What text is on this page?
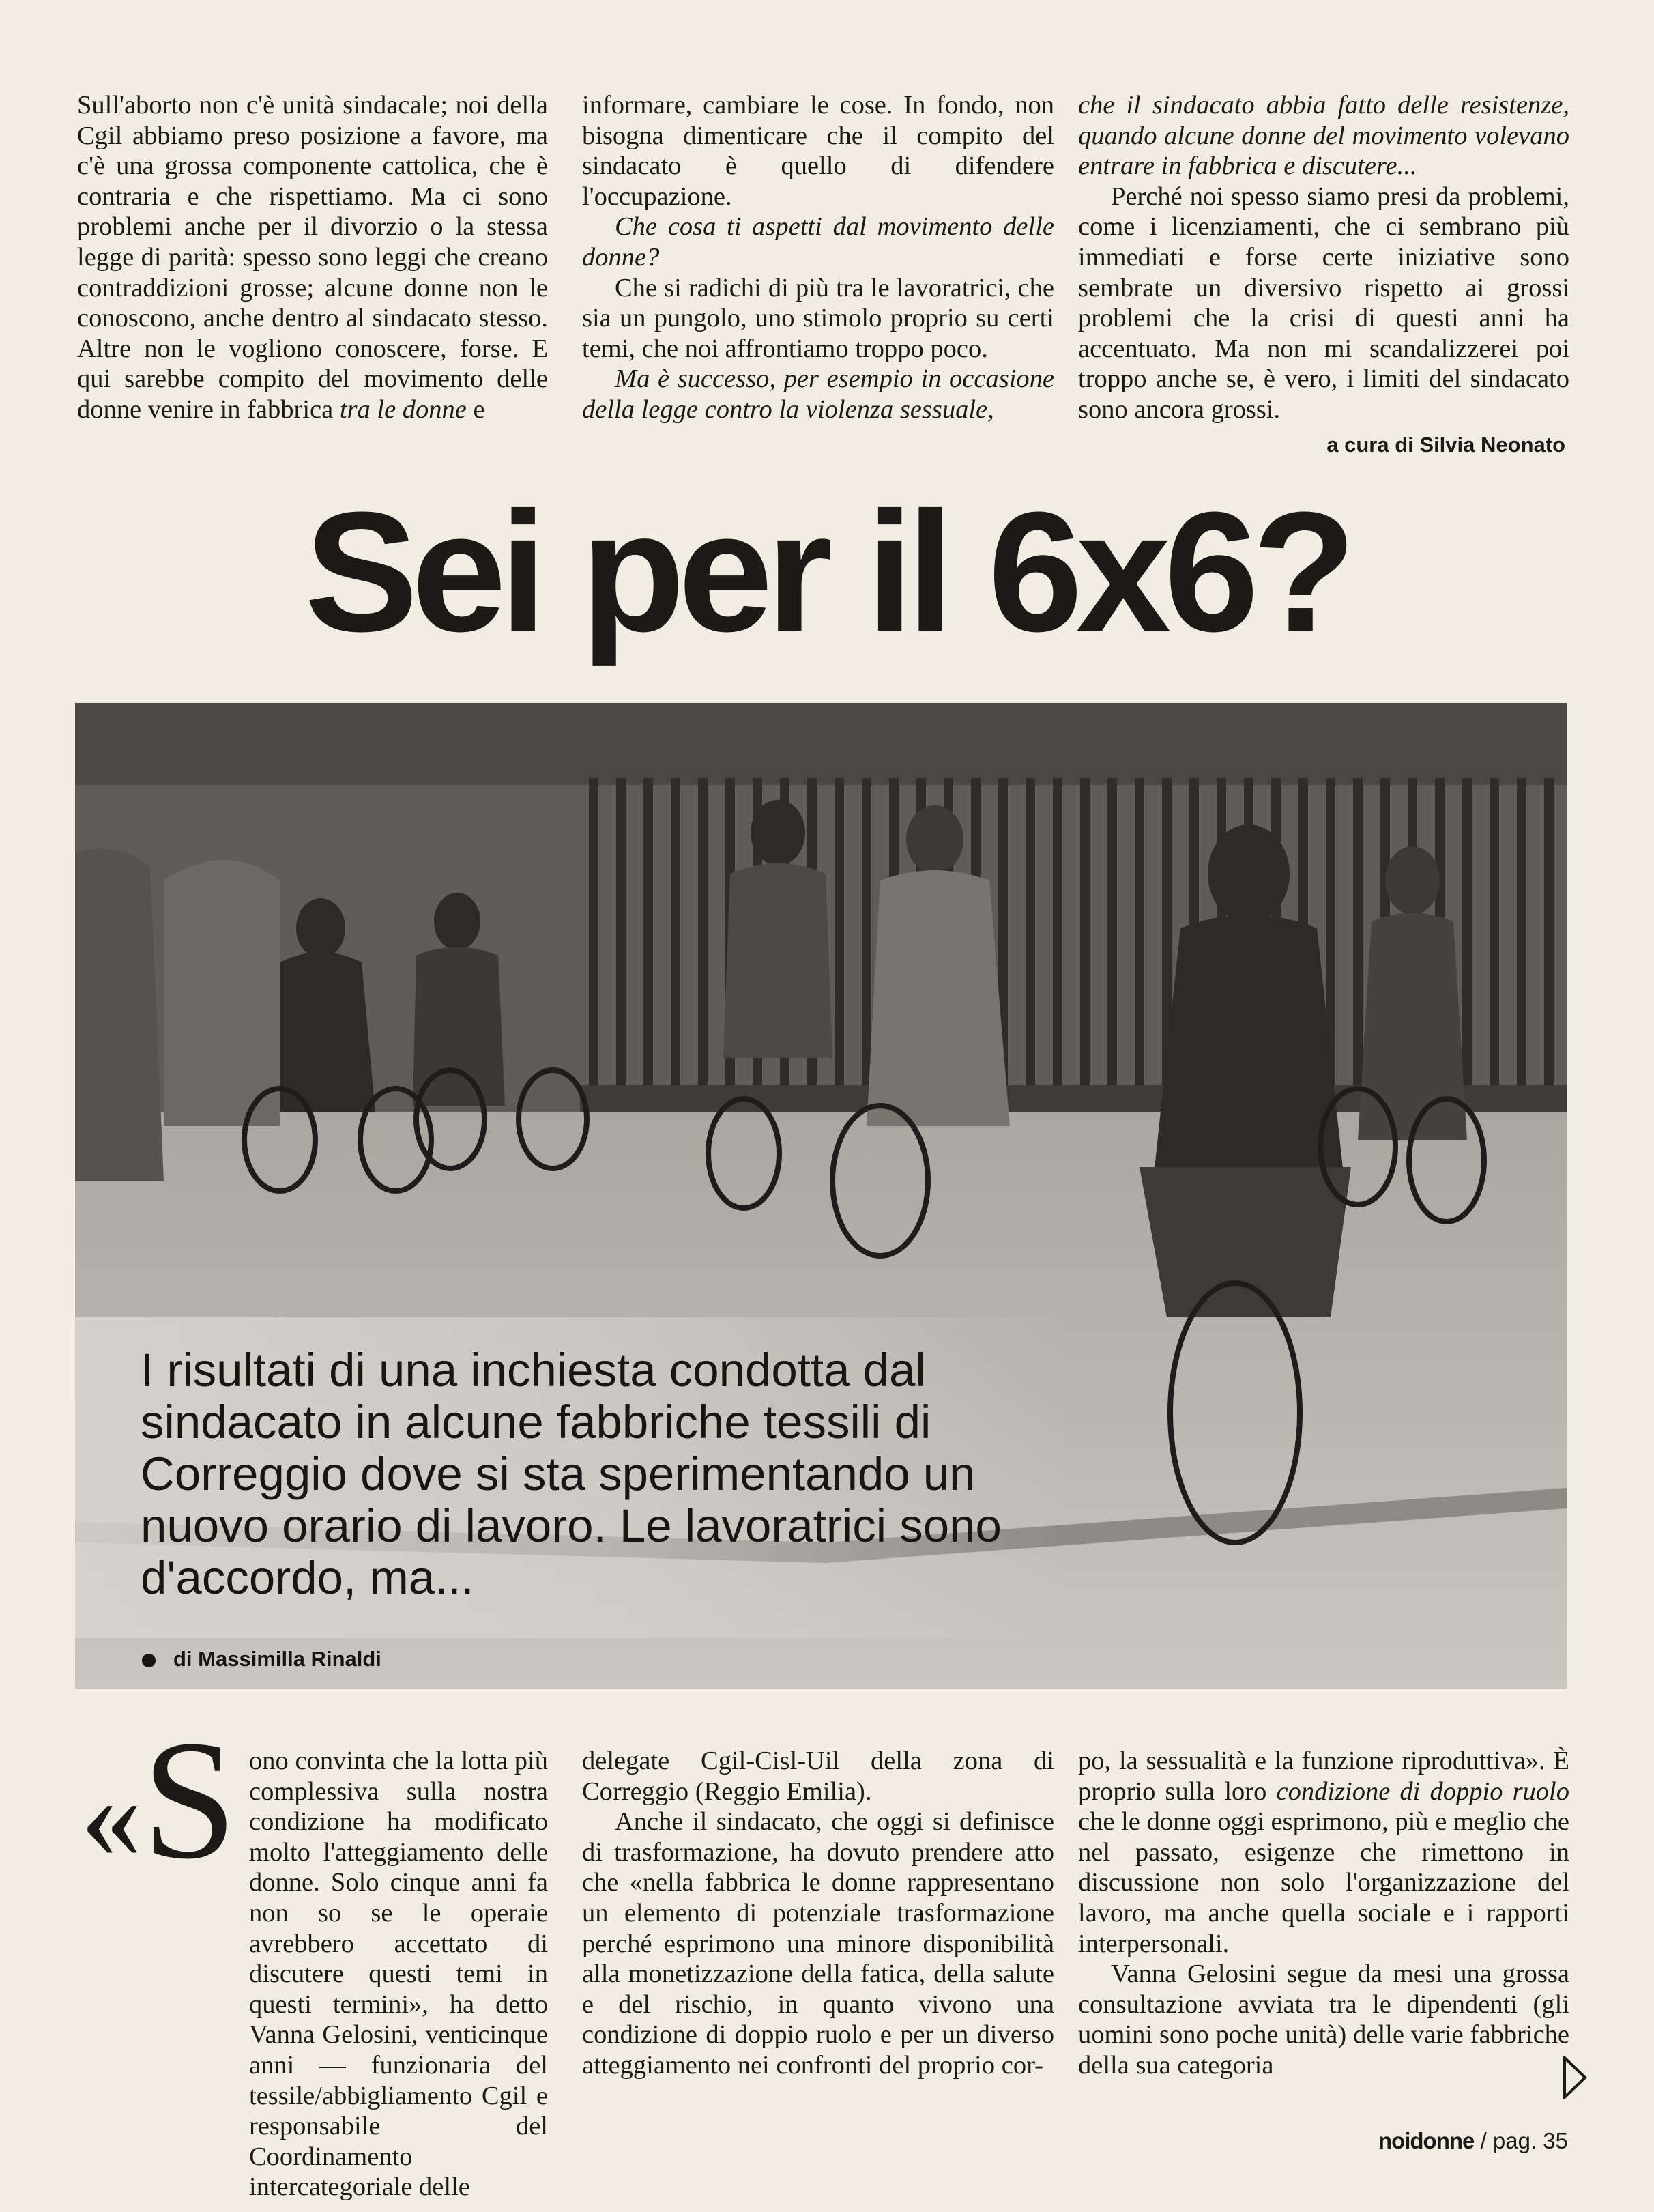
Sull'aborto non c'è unità sindacale; noi della Cgil abbiamo preso posizione a favore, ma c'è una grossa componente cattolica, che è contraria e che rispettiamo. Ma ci sono problemi anche per il divorzio o la stessa legge di parità: spesso sono leggi che creano contraddizioni grosse; alcune donne non le conoscono, anche dentro al sindacato stesso. Altre non le vogliono conoscere, forse. E qui sarebbe compito del movimento delle donne venire in fabbrica tra le donne e

informare, cambiare le cose. In fondo, non bisogna dimenticare che il compito del sindacato è quello di difendere l'occupazione.

Che cosa ti aspetti dal movimento delle donne?

Che si radichi di più tra le lavoratrici, che sia un pungolo, uno stimolo proprio su certi temi, che noi affrontiamo troppo poco.

Ma è successo, per esempio in occasione della legge contro la violenza sessuale,

che il sindacato abbia fatto delle resistenze, quando alcune donne del movimento volevano entrare in fabbrica e discutere...

Perché noi spesso siamo presi da problemi, come i licenziamenti, che ci sembrano più immediati e forse certe iniziative sono sembrate un diversivo rispetto ai grossi problemi che la crisi di questi anni ha accentuato. Ma non mi scandalizzerei poi troppo anche se, è vero, i limiti del sindacato sono ancora grossi.

a cura di Silvia Neonato
Sei per il 6x6?
I risultati di una inchiesta condotta dal sindacato in alcune fabbriche tessili di Correggio dove si sta sperimentando un nuovo orario di lavoro. Le lavoratrici sono d'accordo, ma...
di Massimilla Rinaldi
«S ono convinta che la lotta più complessiva sulla nostra condizione ha modificato molto l'atteggiamento delle donne. Solo cinque anni fa non so se le operaie avrebbero accettato di discutere questi temi in questi termini», ha detto Vanna Gelosini, venticinque anni — funzionaria del tessile/abbigliamento Cgil e responsabile del Coordinamento intercategoriale delle

delegate Cgil-Cisl-Uil della zona di Correggio (Reggio Emilia).

Anche il sindacato, che oggi si definisce di trasformazione, ha dovuto prendere atto che «nella fabbrica le donne rappresentano un elemento di potenziale trasformazione perché esprimono una minore disponibilità alla monetizzazione della fatica, della salute e del rischio, in quanto vivono una condizione di doppio ruolo e per un diverso atteggiamento nei confronti del proprio cor-

po, la sessualità e la funzione riproduttiva». È proprio sulla loro condizione di doppio ruolo che le donne oggi esprimono, più e meglio che nel passato, esigenze che rimettono in discussione non solo l'organizzazione del lavoro, ma anche quella sociale e i rapporti interpersonali.

Vanna Gelosini segue da mesi una grossa consultazione avviata tra le dipendenti (gli uomini sono poche unità) delle varie fabbriche della sua categoria

noidonne / pag. 35
